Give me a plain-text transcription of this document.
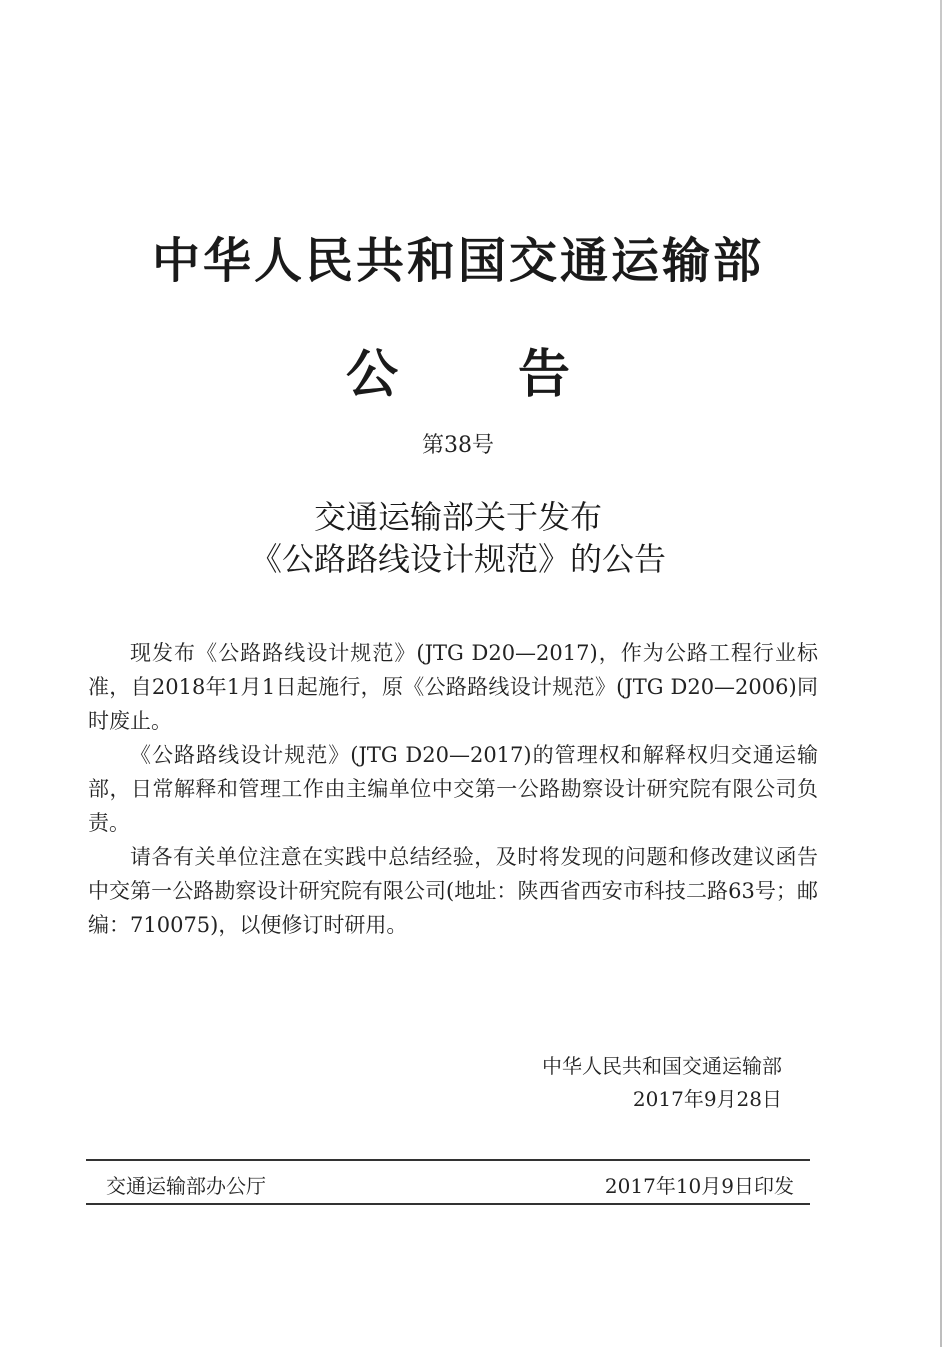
中华人民共和国交通运输部
公告
第38号
交通运输部关于发布
《公路路线设计规范》的公告

现发布《公路路线设计规范》(JTG D20—2017)，作为公路工程行业标准，自2018年1月1日起施行，原《公路路线设计规范》(JTG D20—2006)同时废止。

《公路路线设计规范》(JTG D20—2017)的管理权和解释权归交通运输部，日常解释和管理工作由主编单位中交第一公路勘察设计研究院有限公司负责。

请各有关单位注意在实践中总结经验，及时将发现的问题和修改建议函告中交第一公路勘察设计研究院有限公司(地址：陕西省西安市科技二路63号；邮编：710075)，以便修订时研用。

中华人民共和国交通运输部
2017年9月28日
交通运输部办公厅	2017年10月9日印发
